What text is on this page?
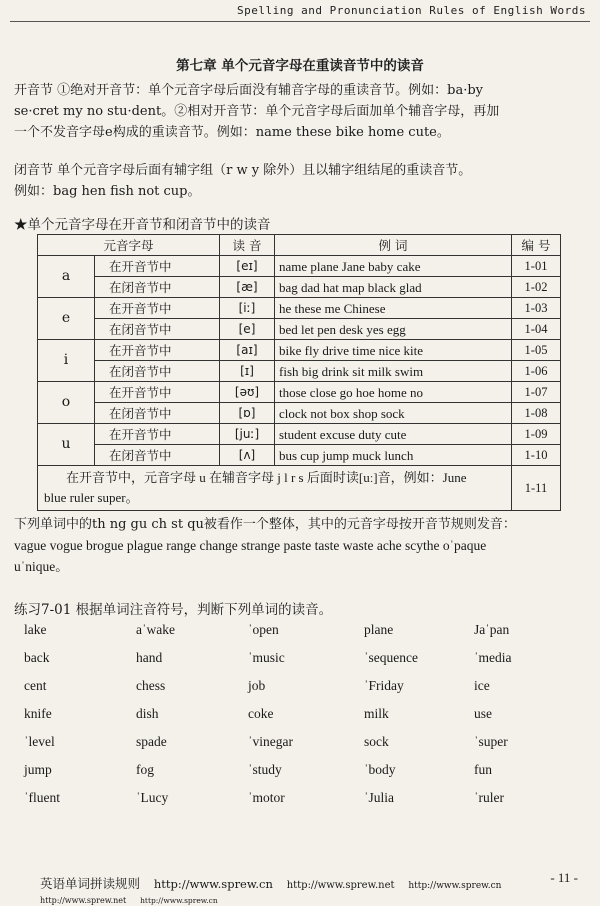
Spelling and Pronunciation Rules of English Words
第七章 单个元音字母在重读音节中的读音
开音节 ①绝对开音节：单个元音字母后面没有辅音字母的重读音节。例如：ba·by
se·cret my no stu·dent。②相对开音节：单个元音字母后面加单个辅音字母，再加
一个不发音字母e构成的重读音节。例如：name these bike home cute。
闭音节 单个元音字母后面有辅字组（r w y 除外）且以辅字组结尾的重读音节。
例如：bag hen fish not cup。
★单个元音字母在开音节和闭音节中的读音
元音字母		读 音	例 词	编 号
a	在开音节中	[eɪ]	name plane Jane baby cake	1-01
	在闭音节中	[æ]	bag dad hat map black glad	1-02
e	在开音节中	[iː]	he these me Chinese	1-03
	在闭音节中	[e]	bed let pen desk yes egg	1-04
i	在开音节中	[aɪ]	bike fly drive time nice kite	1-05
	在闭音节中	[ɪ]	fish big drink sit milk swim	1-06
o	在开音节中	[əʊ]	those close go hoe home no	1-07
	在闭音节中	[ɒ]	clock not box shop sock	1-08
u	在开音节中	[juː]	student excuse duty cute	1-09
	在闭音节中	[ʌ]	bus cup jump muck lunch	1-10

在开音节中，元音字母 u 在辅音字母 j l r s 后面时读[uː]音，例如：June
blue ruler super。				1-11
下列单词中的th ng gu ch st qu被看作一个整体，其中的元音字母按开音节规则发音：
vague vogue brogue plague range change strange paste taste waste ache scythe oˈpaque
uˈnique。
练习7-01 根据单词注音符号，判断下列单词的读音。
lake	aˈwake	ˈopen	plane	Jaˈpan
back	hand	ˈmusic	ˈsequence	ˈmedia
cent	chess	job	ˈFriday	ice
knife	dish	coke	milk	use
ˈlevel	spade	ˈvinegar	sock	ˈsuper
jump	fog	ˈstudy	ˈbody	fun
ˈfluent	ˈLucy	ˈmotor	ˈJulia	ˈruler
英语单词拼读规则 http://www.sprew.cn http://www.sprew.net http://www.sprew.cn http://www.sprew.net http://www.sprew.cn
- 11 -
